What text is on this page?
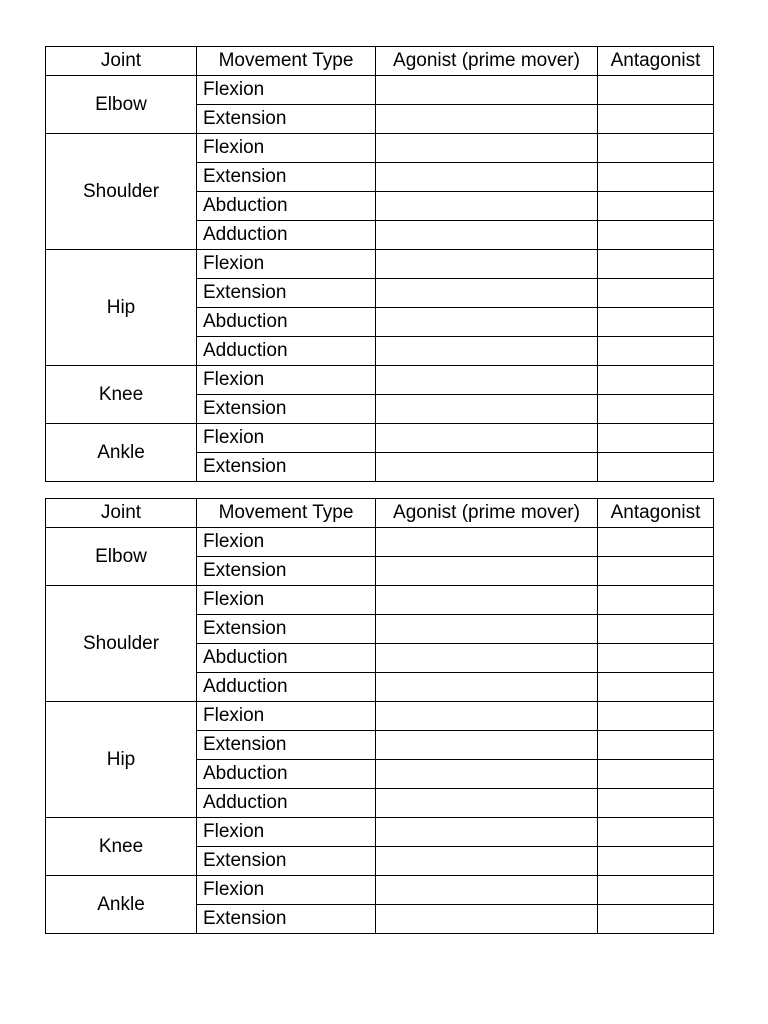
Joint	Movement Type	Agonist (prime mover)	Antagonist
Elbow	Flexion		
	Extension		
Shoulder	Flexion		
	Extension		
	Abduction		
	Adduction		
Hip	Flexion		
	Extension		
	Abduction		
	Adduction		
Knee	Flexion		
	Extension		
Ankle	Flexion		
	Extension		
Joint	Movement Type	Agonist (prime mover)	Antagonist
Elbow	Flexion		
	Extension		
Shoulder	Flexion		
	Extension		
	Abduction		
	Adduction		
Hip	Flexion		
	Extension		
	Abduction		
	Adduction		
Knee	Flexion		
	Extension		
Ankle	Flexion		
	Extension		
